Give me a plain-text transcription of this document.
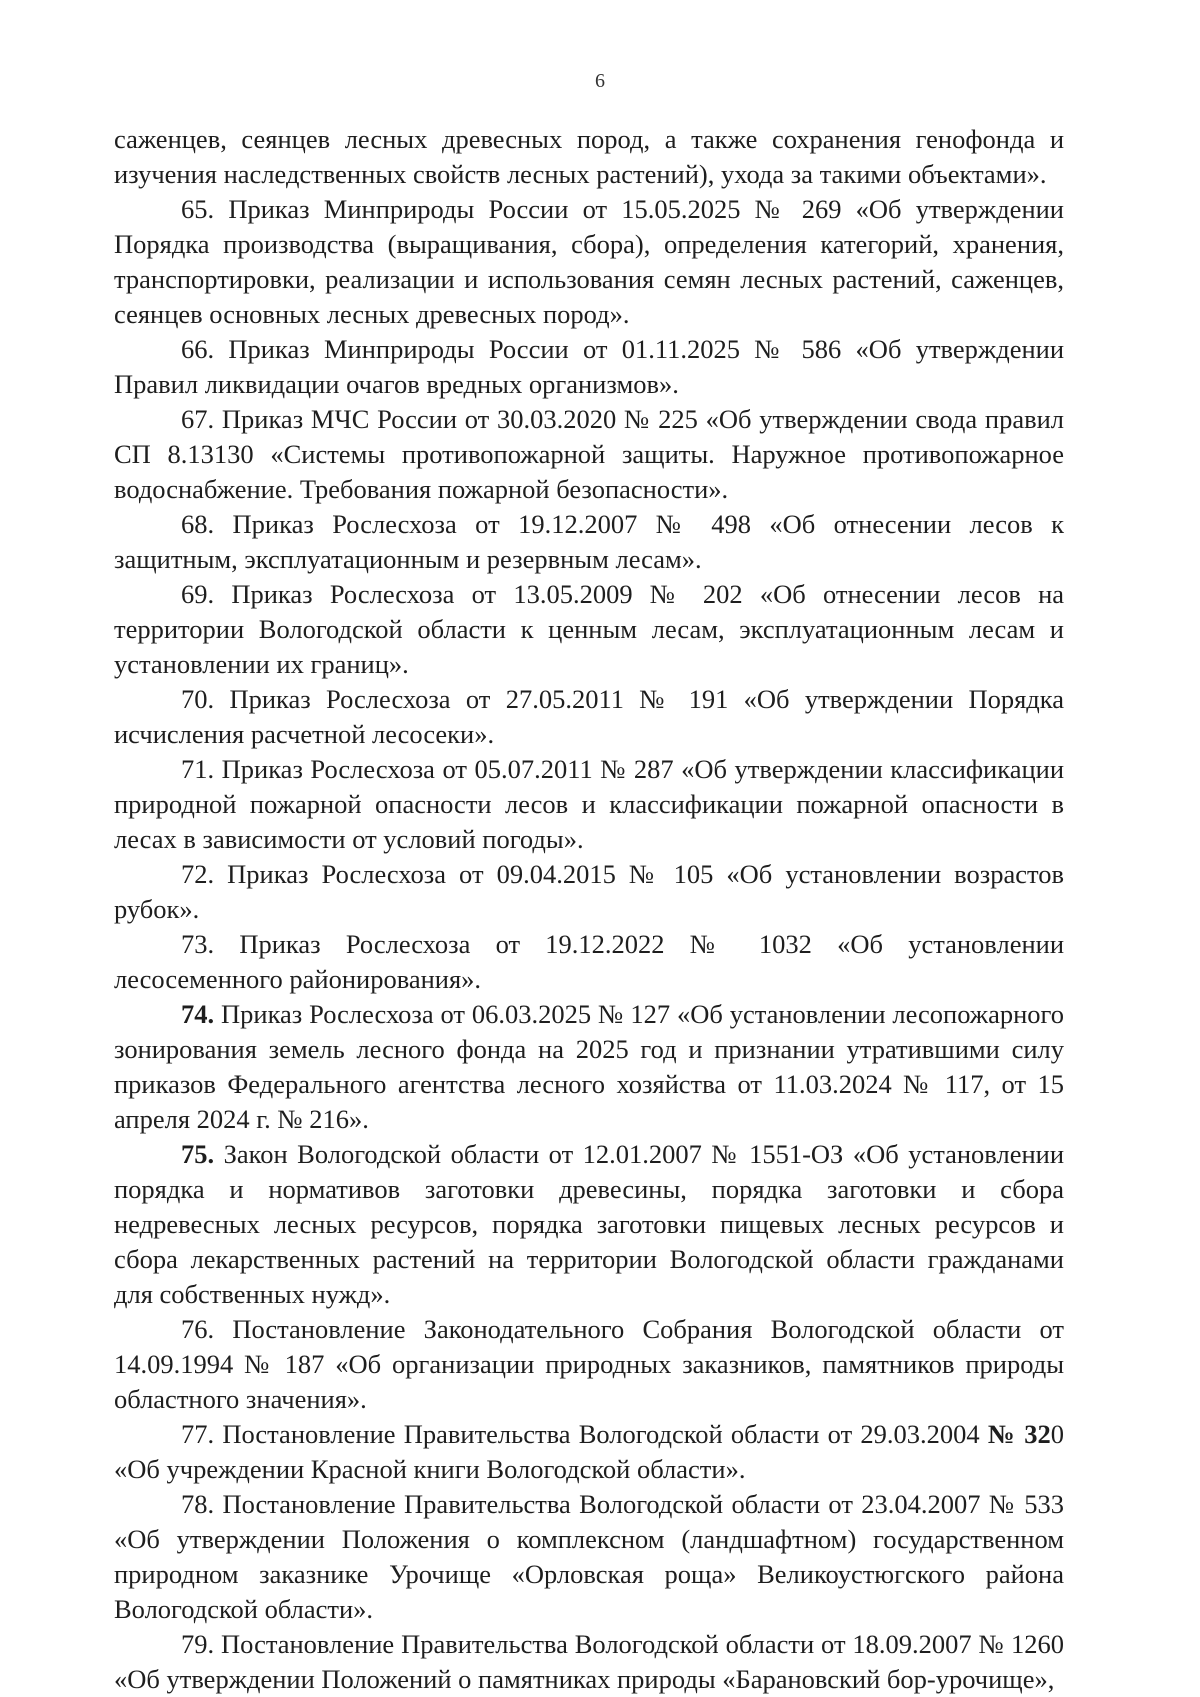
6

саженцев, сеянцев лесных древесных пород, а также сохранения генофонда и изучения наследственных свойств лесных растений), ухода за такими объектами».

65. Приказ Минприроды России от 15.05.2025 № 269 «Об утверждении Порядка производства (выращивания, сбора), определения категорий, хранения, транспортировки, реализации и использования семян лесных растений, саженцев, сеянцев основных лесных древесных пород».

66. Приказ Минприроды России от 01.11.2025 № 586 «Об утверждении Правил ликвидации очагов вредных организмов».

67. Приказ МЧС России от 30.03.2020 № 225 «Об утверждении свода правил СП 8.13130 «Системы противопожарной защиты. Наружное противопожарное водоснабжение. Требования пожарной безопасности».

68. Приказ Рослесхоза от 19.12.2007 № 498 «Об отнесении лесов к защитным, эксплуатационным и резервным лесам».

69. Приказ Рослесхоза от 13.05.2009 № 202 «Об отнесении лесов на территории Вологодской области к ценным лесам, эксплуатационным лесам и установлении их границ».

70. Приказ Рослесхоза от 27.05.2011 № 191 «Об утверждении Порядка исчисления расчетной лесосеки».

71. Приказ Рослесхоза от 05.07.2011 № 287 «Об утверждении классификации природной пожарной опасности лесов и классификации пожарной опасности в лесах в зависимости от условий погоды».

72. Приказ Рослесхоза от 09.04.2015 № 105 «Об установлении возрастов рубок».

73. Приказ Рослесхоза от 19.12.2022 № 1032 «Об установлении лесосеменного районирования».

74. Приказ Рослесхоза от 06.03.2025 № 127 «Об установлении лесопожарного зонирования земель лесного фонда на 2025 год и признании утратившими силу приказов Федерального агентства лесного хозяйства от 11.03.2024 № 117, от 15 апреля 2024 г. № 216».

75. Закон Вологодской области от 12.01.2007 № 1551-ОЗ «Об установлении порядка и нормативов заготовки древесины, порядка заготовки и сбора недревесных лесных ресурсов, порядка заготовки пищевых лесных ресурсов и сбора лекарственных растений на территории Вологодской области гражданами для собственных нужд».

76. Постановление Законодательного Собрания Вологодской области от 14.09.1994 № 187 «Об организации природных заказников, памятников природы областного значения».

77. Постановление Правительства Вологодской области от 29.03.2004 № 320 «Об учреждении Красной книги Вологодской области».

78. Постановление Правительства Вологодской области от 23.04.2007 № 533 «Об утверждении Положения о комплексном (ландшафтном) государственном природном заказнике Урочище «Орловская роща» Великоустюгского района Вологодской области».

79. Постановление Правительства Вологодской области от 18.09.2007 № 1260 «Об утверждении Положений о памятниках природы «Барановский бор-урочище»,
